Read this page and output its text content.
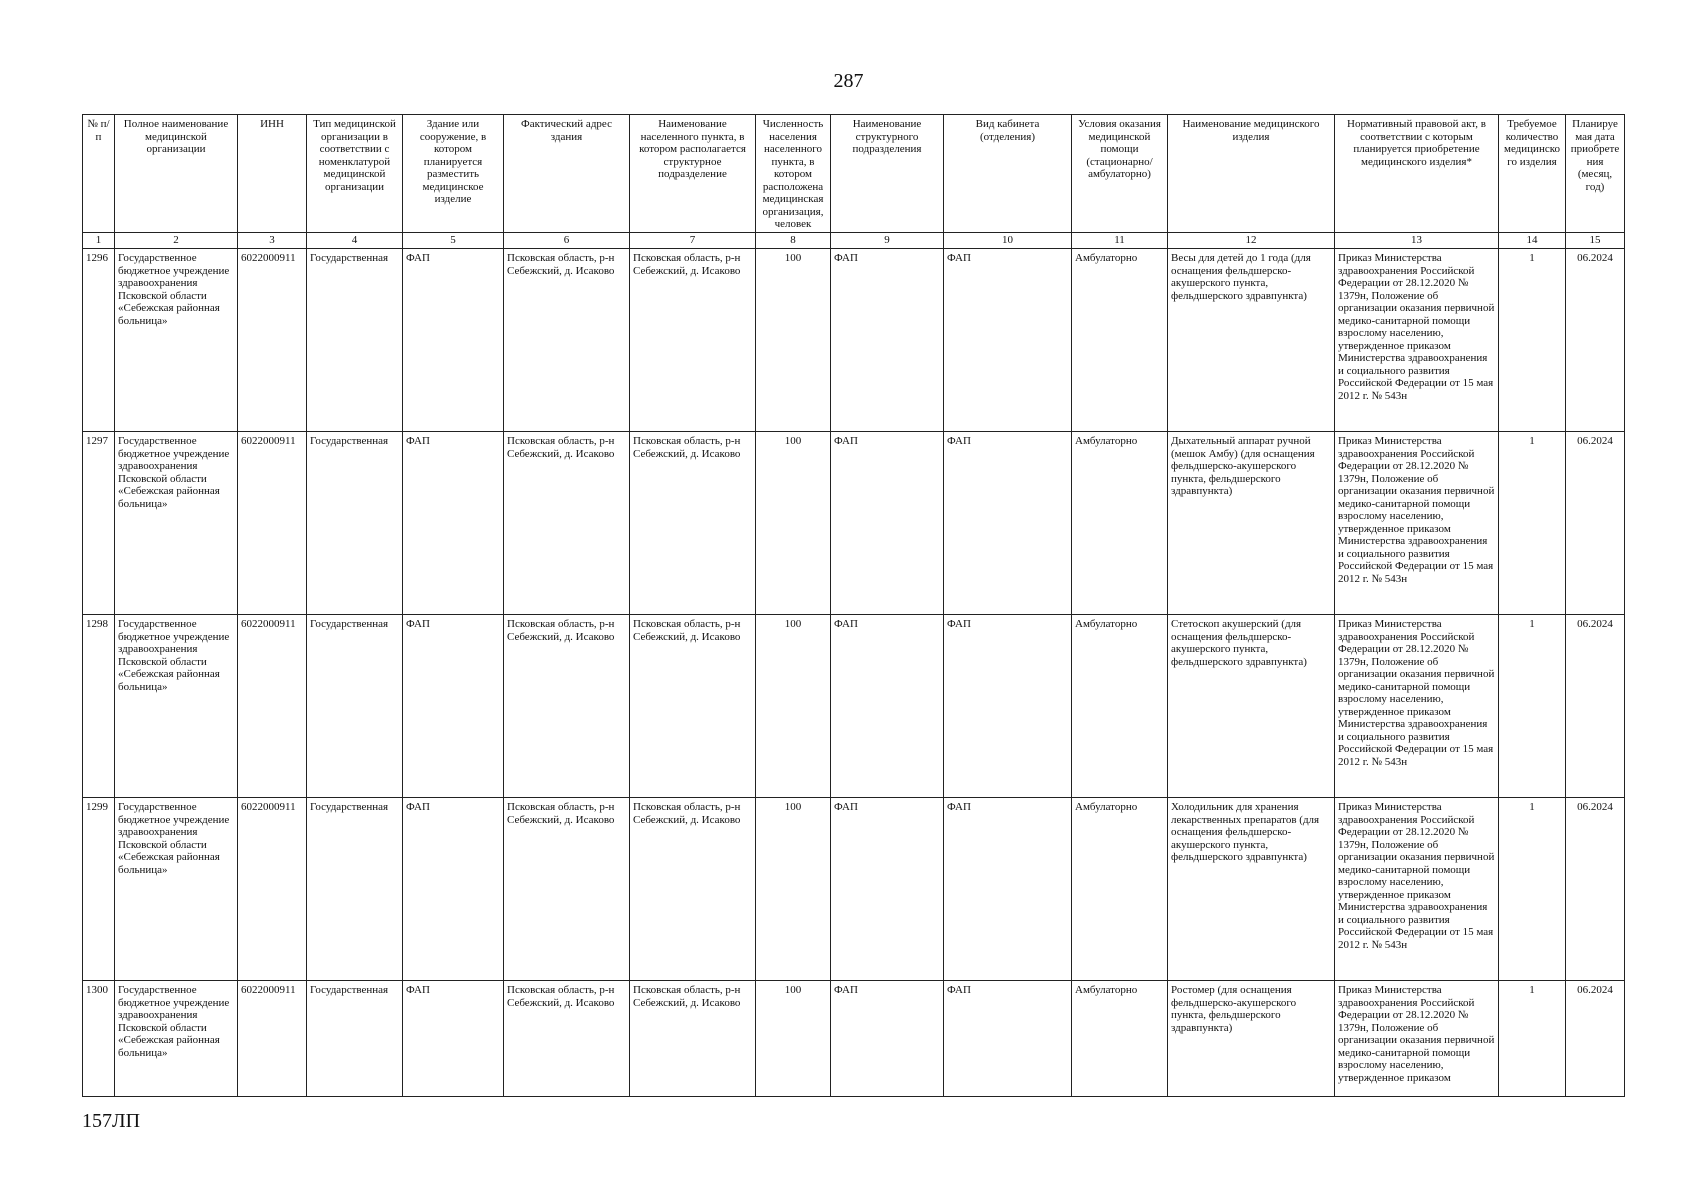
287
№ п/п	Полное наименование медицинской организации	ИНН	Тип медицинской организации в соответствии с номенклатурой медицинской организации	Здание или сооружение, в котором планируется разместить медицинское изделие	Фактический адрес здания	Наименование населенного пункта, в котором располагается структурное подразделение	Численность населения населенного пункта, в котором расположена медицинская организация, человек	Наименование структурного подразделения	Вид кабинета (отделения)	Условия оказания медицинской помощи (стационарно/ амбулаторно)	Наименование медицинского изделия	Нормативный правовой акт, в соответствии с которым планируется приобретение медицинского изделия*	Требуемое количество медицинского изделия	Планируемая дата приобретения (месяц, год)
1	2	3	4	5	6	7	8	9	10	11	12	13	14	15
1296	Государственное бюджетное учреждение здравоохранения Псковской области «Себежская районная больница»	6022000911	Государственная	ФАП	Псковская область, р-н Себежский, д. Исаково	Псковская область, р-н Себежский, д. Исаково	100	ФАП	ФАП	Амбулаторно	Весы для детей до 1 года (для оснащения фельдшерско-акушерского пункта, фельдшерского здравпункта)	Приказ Министерства здравоохранения Российской Федерации от 28.12.2020 № 1379н, Положение об организации оказания первичной медико-санитарной помощи взрослому населению, утвержденное приказом Министерства здравоохранения и социального развития Российской Федерации от 15 мая 2012 г. № 543н	1	06.2024
1297	Государственное бюджетное учреждение здравоохранения Псковской области «Себежская районная больница»	6022000911	Государственная	ФАП	Псковская область, р-н Себежский, д. Исаково	Псковская область, р-н Себежский, д. Исаково	100	ФАП	ФАП	Амбулаторно	Дыхательный аппарат ручной (мешок Амбу) (для оснащения фельдшерско-акушерского пункта, фельдшерского здравпункта)	Приказ Министерства здравоохранения Российской Федерации от 28.12.2020 № 1379н, Положение об организации оказания первичной медико-санитарной помощи взрослому населению, утвержденное приказом Министерства здравоохранения и социального развития Российской Федерации от 15 мая 2012 г. № 543н	1	06.2024
1298	Государственное бюджетное учреждение здравоохранения Псковской области «Себежская районная больница»	6022000911	Государственная	ФАП	Псковская область, р-н Себежский, д. Исаково	Псковская область, р-н Себежский, д. Исаково	100	ФАП	ФАП	Амбулаторно	Стетоскоп акушерский (для оснащения фельдшерско-акушерского пункта, фельдшерского здравпункта)	Приказ Министерства здравоохранения Российской Федерации от 28.12.2020 № 1379н, Положение об организации оказания первичной медико-санитарной помощи взрослому населению, утвержденное приказом Министерства здравоохранения и социального развития Российской Федерации от 15 мая 2012 г. № 543н	1	06.2024
1299	Государственное бюджетное учреждение здравоохранения Псковской области «Себежская районная больница»	6022000911	Государственная	ФАП	Псковская область, р-н Себежский, д. Исаково	Псковская область, р-н Себежский, д. Исаково	100	ФАП	ФАП	Амбулаторно	Холодильник для хранения лекарственных препаратов (для оснащения фельдшерско-акушерского пункта, фельдшерского здравпункта)	Приказ Министерства здравоохранения Российской Федерации от 28.12.2020 № 1379н, Положение об организации оказания первичной медико-санитарной помощи взрослому населению, утвержденное приказом Министерства здравоохранения и социального развития Российской Федерации от 15 мая 2012 г. № 543н	1	06.2024
1300	Государственное бюджетное учреждение здравоохранения Псковской области «Себежская районная больница»	6022000911	Государственная	ФАП	Псковская область, р-н Себежский, д. Исаково	Псковская область, р-н Себежский, д. Исаково	100	ФАП	ФАП	Амбулаторно	Ростомер (для оснащения фельдшерско-акушерского пункта, фельдшерского здравпункта)	Приказ Министерства здравоохранения Российской Федерации от 28.12.2020 № 1379н, Положение об организации оказания первичной медико-санитарной помощи взрослому населению, утвержденное приказом	1	06.2024
157ЛП
